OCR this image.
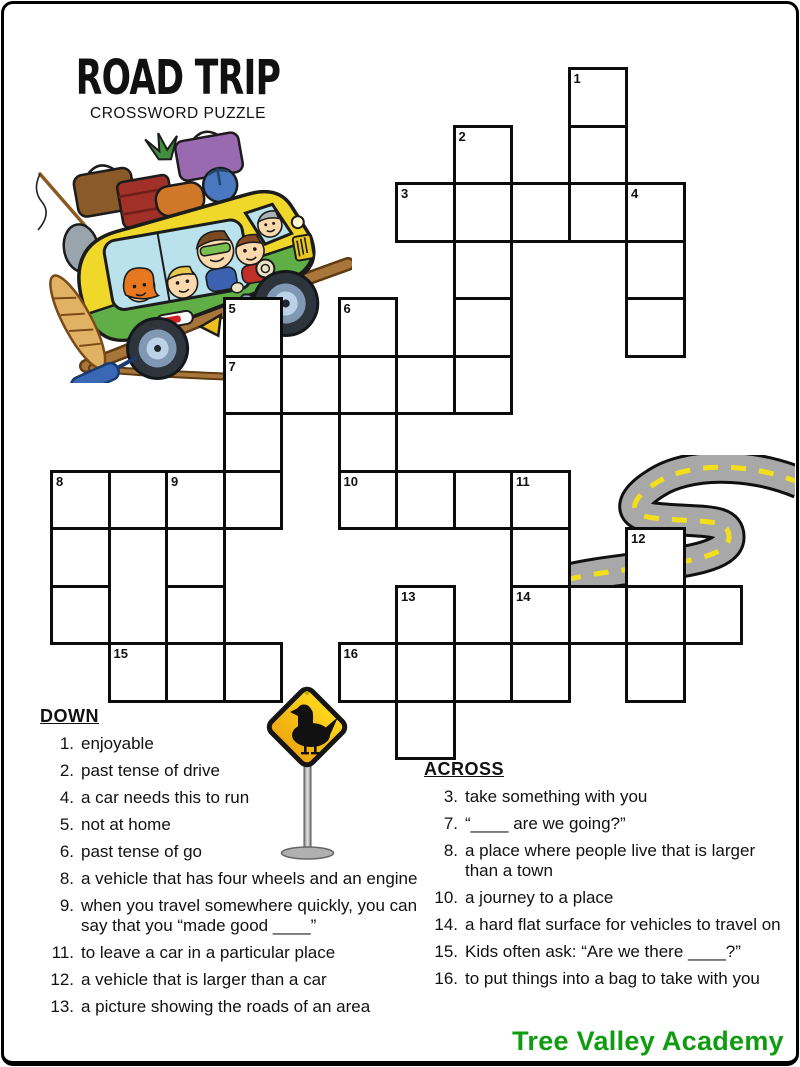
ROAD TRIP
CROSSWORD PUZZLE
1
2
3	4
5	6
7
8	9	10	11
12
13	14
15	16
DOWN
1. enjoyable
2. past tense of drive
4. a car needs this to run
5. not at home
6. past tense of go
8. a vehicle that has four wheels and an engine
9. when you travel somewhere quickly, you can
say that you “made good ____”
11. to leave a car in a particular place
12. a vehicle that is larger than a car
13. a picture showing the roads of an area
ACROSS
3. take something with you
7. “____ are we going?”
8. a place where people live that is larger
than a town
10. a journey to a place
14. a hard flat surface for vehicles to travel on
15. Kids often ask: “Are we there ____?”
16. to put things into a bag to take with you
Tree Valley Academy
